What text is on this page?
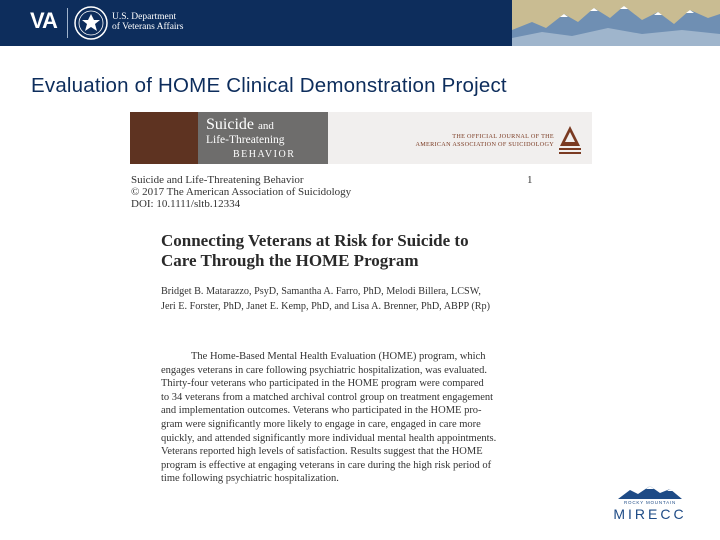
VA	U.S. Department
of Veterans Affairs
Evaluation of HOME Clinical Demonstration Project
Suicide and
Life-Threatening
BEHAVIOR
THE OFFICIAL JOURNAL OF THE
AMERICAN ASSOCIATION OF SUICIDOLOGY
Suicide and Life-Threatening Behavior
© 2017 The American Association of Suicidology
DOI: 10.1111/sltb.12334
1
Connecting Veterans at Risk for Suicide to
Care Through the HOME Program
Bridget B. Matarazzo, PsyD, Samantha A. Farro, PhD, Melodi Billera, LCSW,
Jeri E. Forster, PhD, Janet E. Kemp, PhD, and Lisa A. Brenner, PhD, ABPP (Rp)
The Home-Based Mental Health Evaluation (HOME) program, which
engages veterans in care following psychiatric hospitalization, was evaluated.
Thirty-four veterans who participated in the HOME program were compared
to 34 veterans from a matched archival control group on treatment engagement
and implementation outcomes. Veterans who participated in the HOME pro-
gram were significantly more likely to engage in care, engaged in care more
quickly, and attended significantly more individual mental health appointments.
Veterans reported high levels of satisfaction. Results suggest that the HOME
program is effective at engaging veterans in care during the high risk period of
time following psychiatric hospitalization.
ROCKY MOUNTAIN
MIRECC
